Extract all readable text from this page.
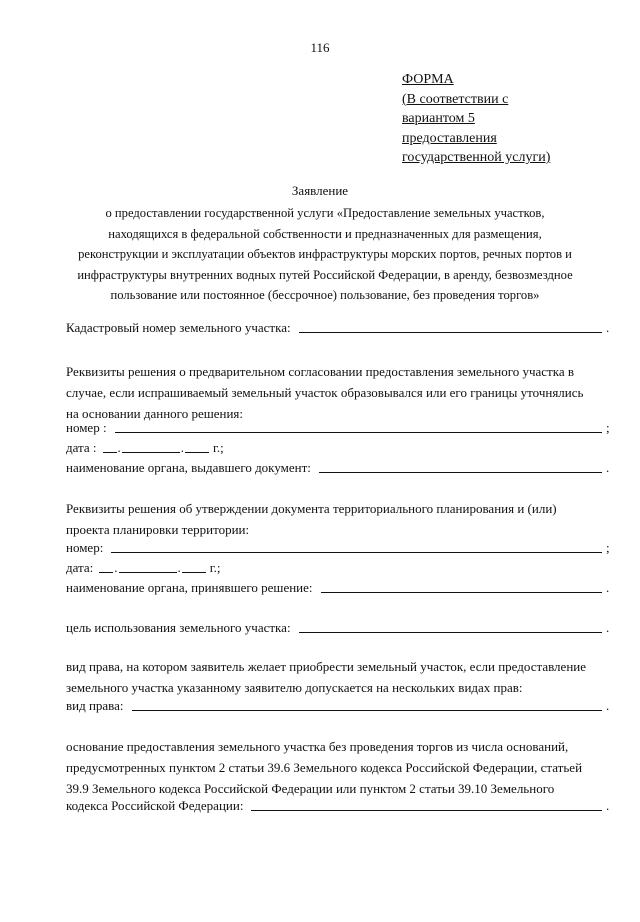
116
ФОРМА
(В соответствии с
вариантом 5
предоставления
государственной услуги)
Заявление
о предоставлении государственной услуги «Предоставление земельных участков,
находящихся в федеральной собственности и предназначенных для размещения,
реконструкции и эксплуатации объектов инфраструктуры морских портов, речных портов и
инфраструктуры внутренних водных путей Российской Федерации, в аренду, безвозмездное
пользование или постоянное (бессрочное) пользование, без проведения торгов»
Кадастровый номер земельного участка:	.
Реквизиты решения о предварительном согласовании предоставления земельного участка в
случае, если испрашиваемый земельный участок образовывался или его границы уточнялись
на основании данного решения:
номер :	;
дата : .	. г.;
наименование органа, выдавшего документ:	.
Реквизиты решения об утверждении документа территориального планирования и (или)
проекта планировки территории:
номер:	;
дата: .	. г.;
наименование органа, принявшего решение:	.
цель использования земельного участка:	.
вид права, на котором заявитель желает приобрести земельный участок, если предоставление
земельного участка указанному заявителю допускается на нескольких видах прав:
вид права:	.
основание предоставления земельного участка без проведения торгов из числа оснований,
предусмотренных пунктом 2 статьи 39.6 Земельного кодекса Российской Федерации, статьей
39.9 Земельного кодекса Российской Федерации или пунктом 2 статьи 39.10 Земельного
кодекса Российской Федерации:	.
